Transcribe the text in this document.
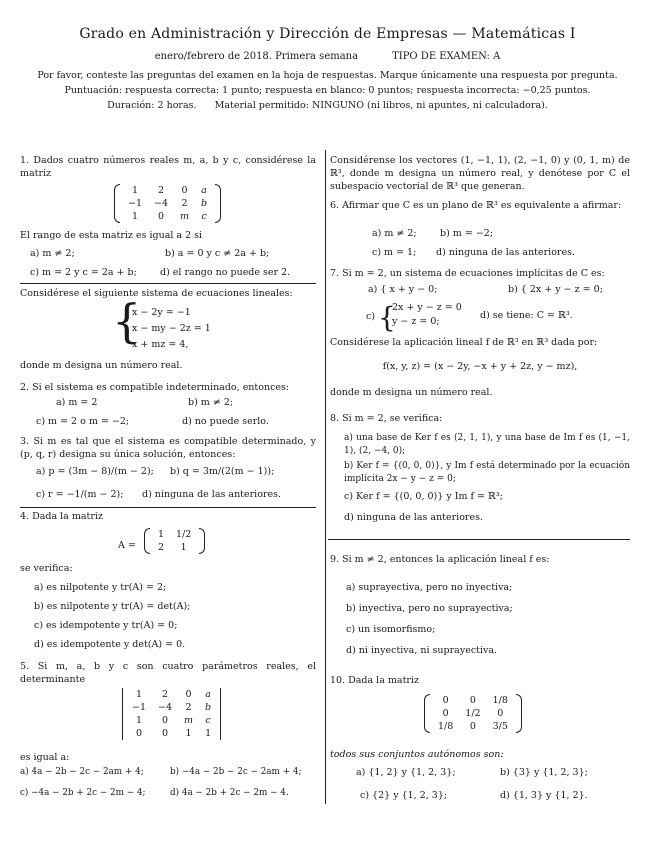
Grado en Administración y Dirección de Empresas — Matemáticas I
enero/febrero de 2018. Primera semana	TIPO DE EXAMEN: A
Por favor, conteste las preguntas del examen en la hoja de respuestas. Marque únicamente una respuesta por pregunta.
Puntuación: respuesta correcta: 1 punto; respuesta en blanco: 0 puntos; respuesta incorrecta: −0,25 puntos.
Duración: 2 horas. Material permitido: NINGUNO (ni libros, ni apuntes, ni calculadora).
1. Dados cuatro números reales m, a, b y c, considérese la matriz
1	2	0	a
−1	−4	2	b
1	0	m	c
El rango de esta matriz es igual a 2 si
a) m ≠ 2;	b) a = 0 y c ≠ 2a + b;
c) m = 2 y c = 2a + b; d) el rango no puede ser 2.
Considérese el siguiente sistema de ecuaciones lineales:
{
x − 2y = −1
x − my − 2z = 1
x + mz = 4,
donde m designa un número real.
2. Si el sistema es compatible indeterminado, entonces:
a) m = 2	b) m ≠ 2;
c) m = 2 o m = −2;	d) no puede serlo.
3. Si m es tal que el sistema es compatible determinado, y (p, q, r) designa su única solución, entonces:
a) p = (3m − 8)/(m − 2); b) q = 3m/(2(m − 1));
c) r = −1/(m − 2); d) ninguna de las anteriores.
4. Dada la matriz
A =
1	1/2
2	1
se verifica:
a) es nilpotente y tr(A) = 2;
b) es nilpotente y tr(A) = det(A);
c) es idempotente y tr(A) = 0;
d) es idempotente y det(A) = 0.
5. Si m, a, b y c son cuatro parámetros reales, el determinante
1	2	0	a
−1	−4	2	b
1	0	m	c
0	0	1	1
es igual a:
a) 4a − 2b − 2c − 2am + 4;	b) −4a − 2b − 2c − 2am + 4;
c) −4a − 2b + 2c − 2m − 4;	d) 4a − 2b + 2c − 2m − 4.
Considérense los vectores (1, −1, 1), (2, −1, 0) y (0, 1, m) de ℝ³, donde m designa un número real, y denótese por C el subespacio vectorial de ℝ³ que generan.
6. Afirmar que C es un plano de ℝ³ es equivalente a afirmar:
a) m ≠ 2; b) m = −2;
c) m = 1; d) ninguna de las anteriores.
7. Si m = 2, un sistema de ecuaciones implícitas de C es:
a) { x + y − 0;	b) { 2x + y − z = 0;
c) {
2x + y − z = 0
y − z = 0;
d) se tiene: C = ℝ³.
Considérese la aplicación lineal f de ℝ³ en ℝ³ dada por:
f(x, y, z) = (x − 2y, −x + y + 2z, y − mz),
donde m designa un número real.
8. Si m = 2, se verifica:
a) una base de Ker f es (2, 1, 1), y una base de Im f es (1, −1, 1), (2, −4, 0);
b) Ker f = {(0, 0, 0)}, y Im f está determinado por la ecuación implícita 2x − y − z = 0;
c) Ker f = {(0, 0, 0)} y Im f = ℝ³;
d) ninguna de las anteriores.
9. Si m ≠ 2, entonces la aplicación lineal f es:
a) suprayectiva, pero no inyectiva;
b) inyectiva, pero no suprayectiva;
c) un isomorfismo;
d) ni inyectiva, ni suprayectiva.
10. Dada la matriz
0	0	1/8
0	1/2	0
1/8	0	3/5
todos sus conjuntos autónomos son:
a) {1, 2} y {1, 2, 3};	b) {3} y {1, 2, 3};
c) {2} y {1, 2, 3};	d) {1, 3} y {1, 2}.
